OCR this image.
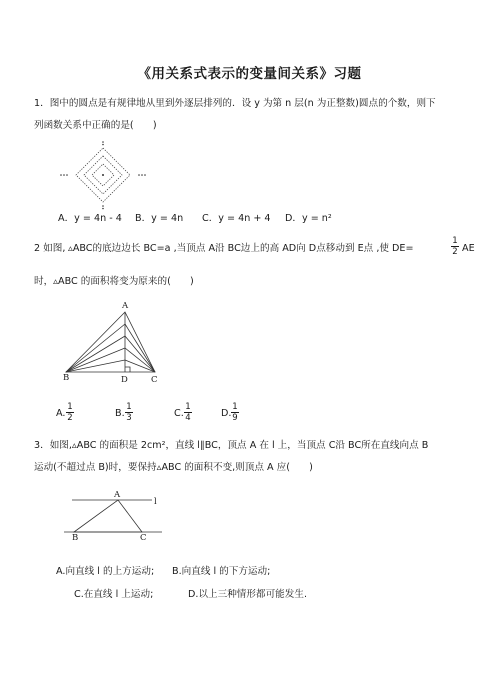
《用关系式表示的变量间关系》习题
1．图中的圆点是有规律地从里到外逐层排列的．设 y 为第 n 层(n 为正整数)圆点的个数，则下
列函数关系中正确的是(　　)
A．y = 4n - 4 B．y = 4n C．y = 4n + 4 D．y = n²
2 如图, ▵ABC的底边边长 BC=a ,当顶点 A沿 BC边上的高 AD向 D点移动到 E点 ,使 DE=
1
2 AE
时，▵ABC 的面积将变为原来的(　　)
A
B	D	C
A.
1
2	B.
1
3	C.
1
4	D.
1
9
3．如图,▵ABC 的面积是 2cm²，直线 l∥BC，顶点 A 在 l 上，当顶点 C沿 BC所在直线向点 B
运动(不超过点 B)时，要保持▵ABC 的面积不变,则顶点 A 应(　　)
A
l
B	C
A.向直线 l 的上方运动; B.向直线 l 的下方运动;
C.在直线 l 上运动;	D.以上三种情形都可能发生.
